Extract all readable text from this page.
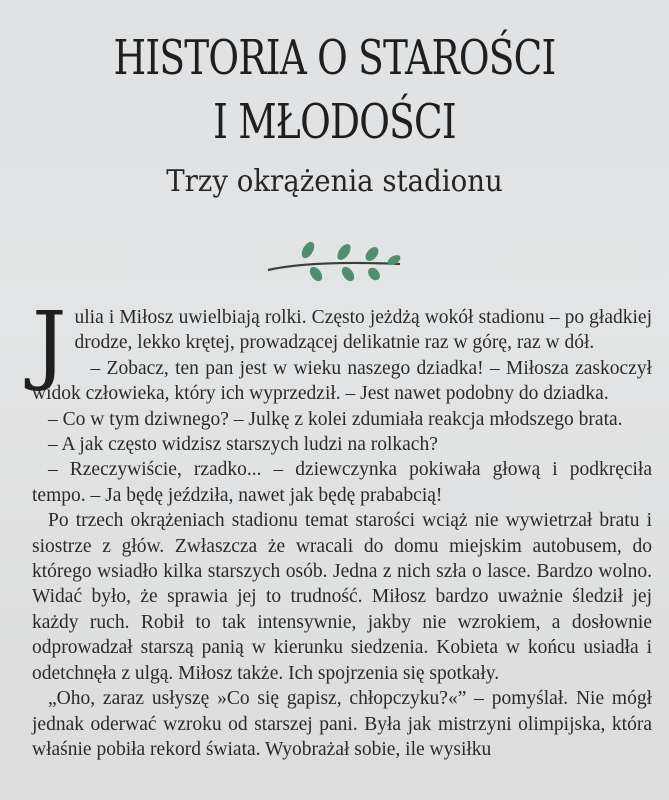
HISTORIA O STAROŚCI
I MŁODOŚCI
Trzy okrążenia stadionu

Julia i Miłosz uwielbiają rolki. Często jeżdżą wokół stadionu – po gładkiej drodze, lekko krętej, prowadzącej delikatnie raz w górę, raz w dół.

– Zobacz, ten pan jest w wieku naszego dziadka! – Miłosza zaskoczył widok człowieka, który ich wyprzedził. – Jest nawet podobny do dziadka.

– Co w tym dziwnego? – Julkę z kolei zdumiała reakcja młodszego brata.

– A jak często widzisz starszych ludzi na rolkach?

– Rzeczywiście, rzadko... – dziewczynka pokiwała głową i podkręciła tempo. – Ja będę jeździła, nawet jak będę prababcią!

Po trzech okrążeniach stadionu temat starości wciąż nie wywietrzał bratu i siostrze z głów. Zwłaszcza że wracali do domu miejskim autobusem, do którego wsiadło kilka starszych osób. Jedna z nich szła o lasce. Bardzo wolno. Widać było, że sprawia jej to trudność. Miłosz bardzo uważnie śledził jej każdy ruch. Robił to tak intensywnie, jakby nie wzrokiem, a dosłownie odprowadzał starszą panią w kierunku siedzenia. Kobieta w końcu usiadła i odetchnęła z ulgą. Miłosz także. Ich spojrzenia się spotkały.

„Oho, zaraz usłyszę »Co się gapisz, chłopczyku?«” – pomyślał. Nie mógł jednak oderwać wzroku od starszej pani. Była jak mistrzyni olimpijska, która właśnie pobiła rekord świata. Wyobrażał sobie, ile wysiłku
